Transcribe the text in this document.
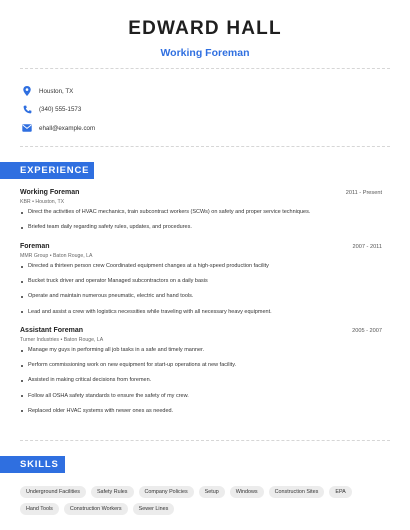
EDWARD HALL
Working Foreman
Houston, TX
(340) 555-1573
ehall@example.com
EXPERIENCE
Working Foreman	2011 - Present
KBR • Houston, TX
Direct the activities of HVAC mechanics, train subcontract workers (SCWs) on safety and proper service techniques.
Briefed team daily regarding safety rules, updates, and procedures.
Foreman	2007 - 2011
MMR Group • Baton Rouge, LA
Directed a thirteen person crew Coordinated equipment changes at a high-speed production facility
Bucket truck driver and operator Managed subcontractors on a daily basis
Operate and maintain numerous pneumatic, electric and hand tools.
Lead and assist a crew with logistics necessities while traveling with all necessary heavy equipment.
Assistant Foreman	2005 - 2007
Turner Industries • Baton Rouge, LA
Manage my guys in performing all job tasks in a safe and timely manner.
Perform commissioning work on new equipment for start-up operations at new facility.
Assisted in making critical decisions from foremen.
Follow all OSHA safety standards to ensure the safety of my crew.
Replaced older HVAC systems with newer ones as needed.
SKILLS
Underground Facilities	Safety Rules	Company Policies	Setup	Windows	Construction Sites	EPA
Hand Tools	Construction Workers	Sewer Lines
